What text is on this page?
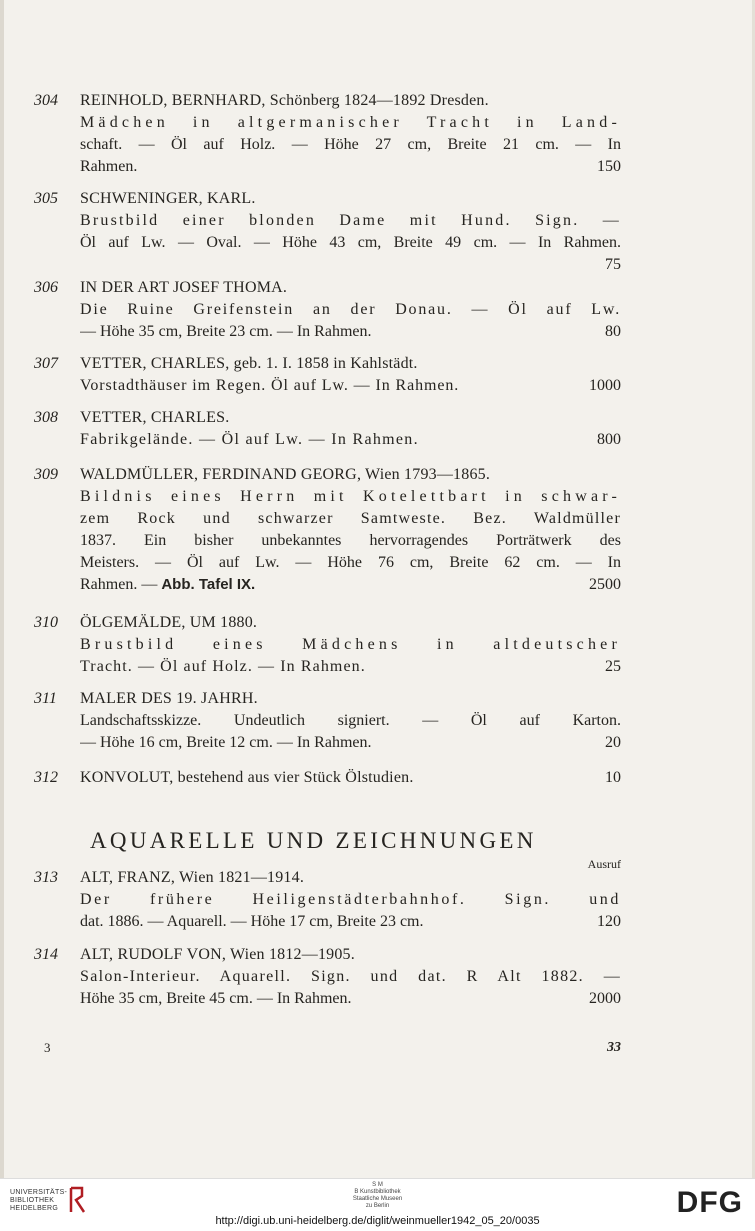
304 REINHOLD, BERNHARD, Schönberg 1824—1892 Dresden.
Mädchen in altgermanischer Tracht in Land-
schaft. — Öl auf Holz. — Höhe 27 cm, Breite 21 cm. — In
Rahmen.	150
305 SCHWENINGER, KARL.
Brustbild einer blonden Dame mit Hund. Sign. —
Öl auf Lw. — Oval. — Höhe 43 cm, Breite 49 cm. — In Rahmen.
75
306 IN DER ART JOSEF THOMA.
Die Ruine Greifenstein an der Donau. — Öl auf Lw.
— Höhe 35 cm, Breite 23 cm. — In Rahmen.	80
307 VETTER, CHARLES, geb. 1. I. 1858 in Kahlstädt.
Vorstadthäuser im Regen. Öl auf Lw. — In Rahmen.	1000
308 VETTER, CHARLES.
Fabrikgelände. — Öl auf Lw. — In Rahmen.	800
309 WALDMÜLLER, FERDINAND GEORG, Wien 1793—1865.
Bildnis eines Herrn mit Kotelettbart in schwar-
zem Rock und schwarzer Samtweste. Bez. Waldmüller
1837. Ein bisher unbekanntes hervorragendes Porträtwerk des
Meisters. — Öl auf Lw. — Höhe 76 cm, Breite 62 cm. — In
Rahmen. — Abb. Tafel IX.	2500
310 ÖLGEMÄLDE, UM 1880.
Brustbild eines Mädchens in altdeutscher
Tracht. — Öl auf Holz. — In Rahmen.	25
311 MALER DES 19. JAHRH.
Landschaftsskizze. Undeutlich signiert. — Öl auf Karton.
— Höhe 16 cm, Breite 12 cm. — In Rahmen.	20
312 KONVOLUT, bestehend aus vier Stück Ölstudien.	10
AQUARELLE UND ZEICHNUNGEN
Ausruf
313 ALT, FRANZ, Wien 1821—1914.
Der frühere Heiligenstädterbahnhof. Sign. und
dat. 1886. — Aquarell. — Höhe 17 cm, Breite 23 cm.	120
314 ALT, RUDOLF VON, Wien 1812—1905.
Salon-Interieur. Aquarell. Sign. und dat. R Alt 1882. —
Höhe 35 cm, Breite 45 cm. — In Rahmen.	2000
3	33
UNIVERSITÄTS-
BIBLIOTHEK
HEIDELBERG
S M
B Kunstbibliothek
Staatliche Museen
zu Berlin	DFG
http://digi.ub.uni-heidelberg.de/diglit/weinmueller1942_05_20/0035
